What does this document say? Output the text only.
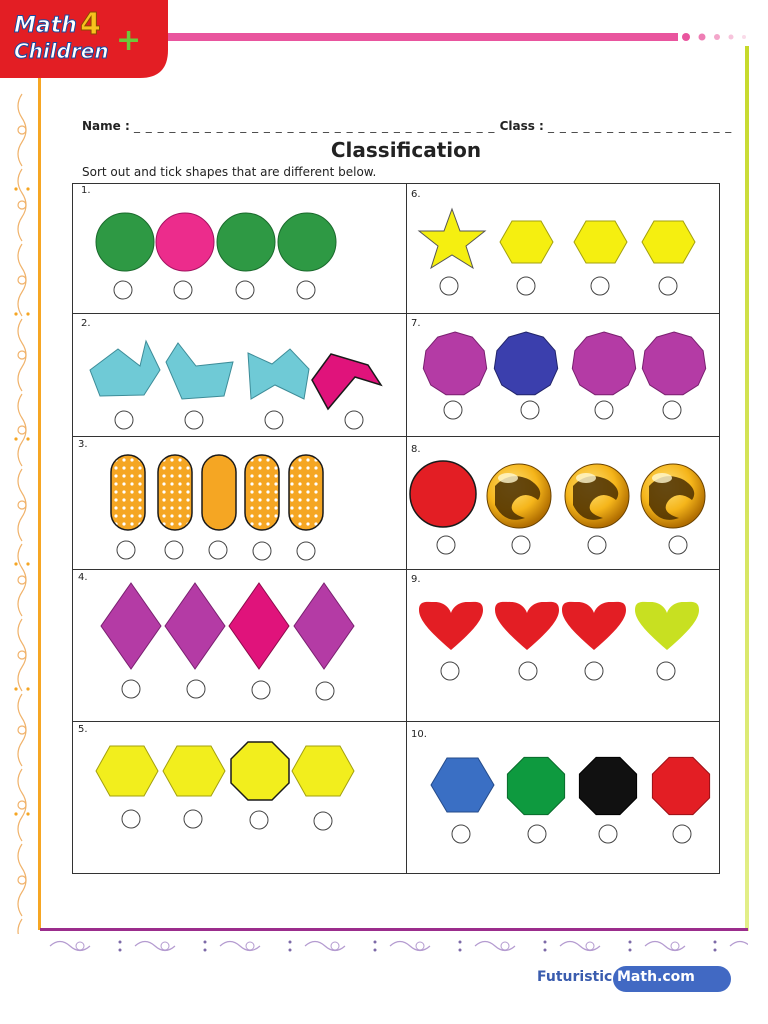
Math 4
Children +
Name : _ _ _ _ _ _ _ _ _ _ _ _ _ _ _ _ _ _ _ _ _ _ _ _ _ _ _ _ _ _ _ Class : _ _ _ _ _ _ _ _ _ _ _ _ _ _ _ _
Classification
Sort out and tick shapes that are different below.
1.
2.
3.
4.
5.
6.
7.
8.
9.
10.
Futuristic Math.com
